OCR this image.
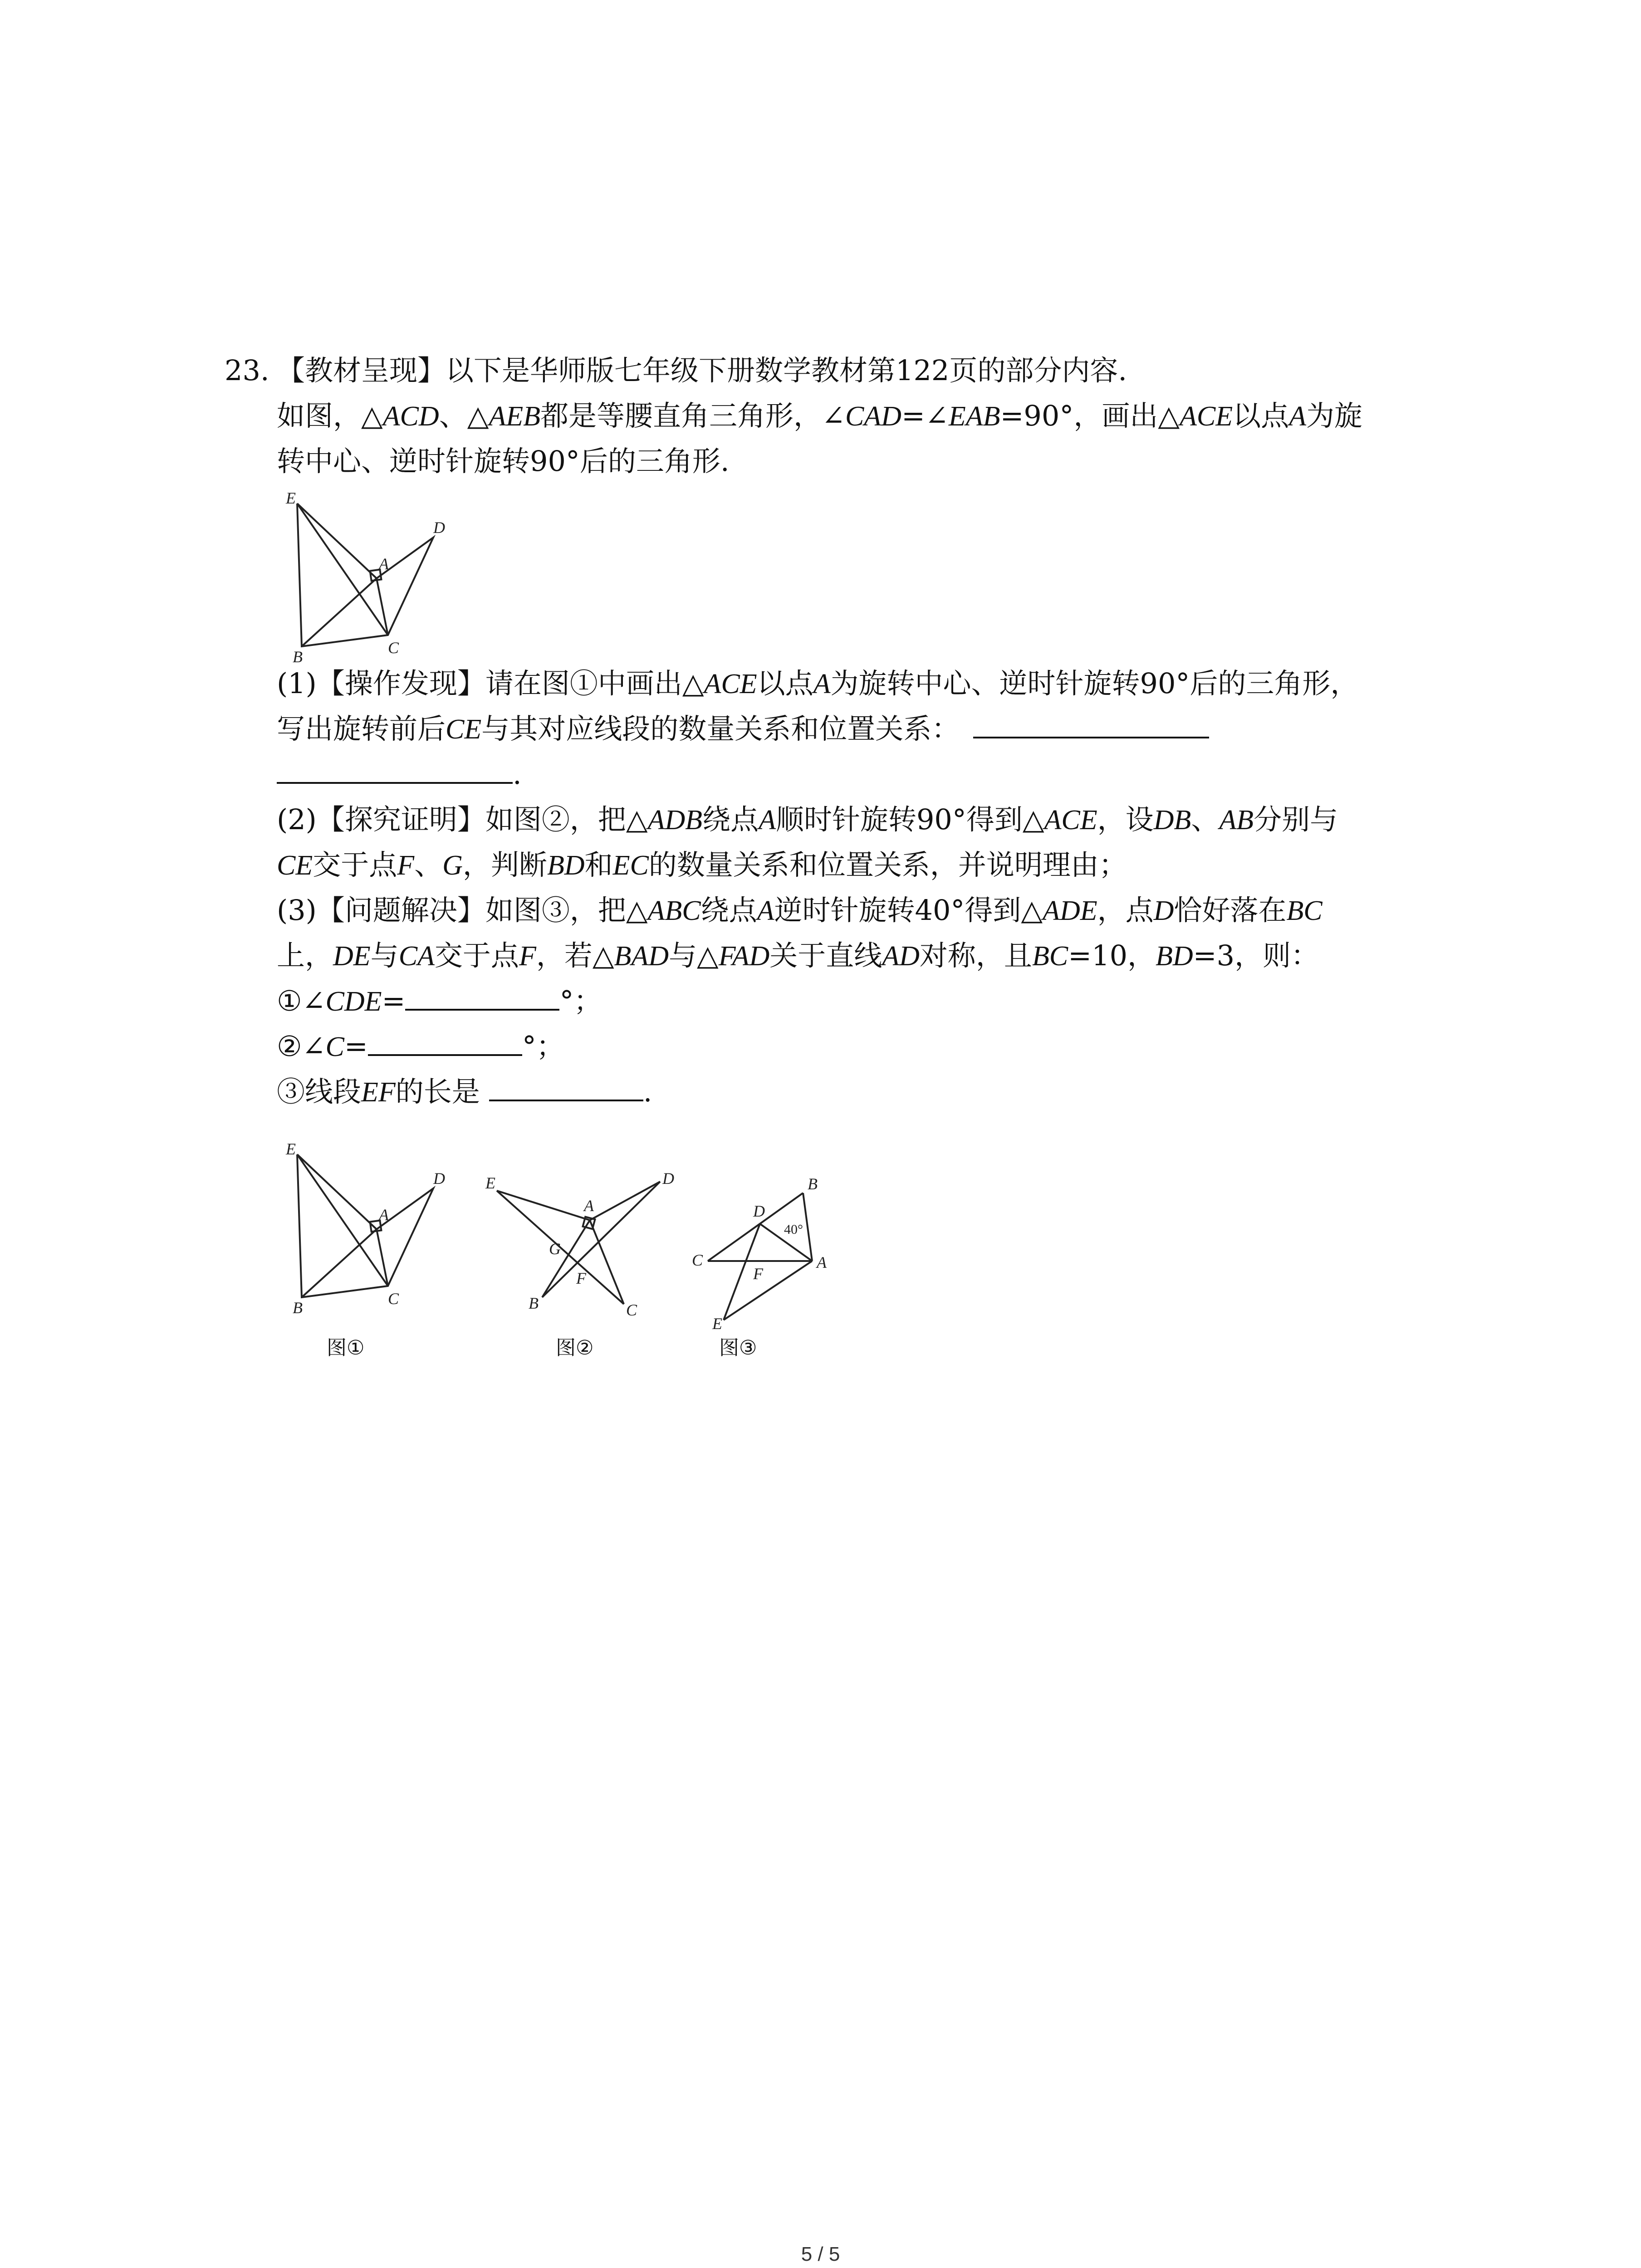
23. 【教材呈现】以下是华师版七年级下册数学教材第122页的部分内容.
如图，△ACD、△AEB都是等腰直角三角形，∠CAD=∠EAB=90°，画出△ACE以点A为旋
转中心、逆时针旋转90°后的三角形.
E
A
D
B	C
(1)【操作发现】请在图①中画出△ACE以点A为旋转中心、逆时针旋转90°后的三角形，
写出旋转前后CE与其对应线段的数量关系和位置关系：
.
(2)【探究证明】如图②，把△ADB绕点A顺时针旋转90°得到△ACE，设DB、AB分别与
CE交于点F、G，判断BD和EC的数量关系和位置关系，并说明理由；
(3)【问题解决】如图③，把△ABC绕点A逆时针旋转40°得到△ADE，点D恰好落在BC
上，DE与CA交于点F，若△BAD与△FAD关于直线AD对称，且BC=10，BD=3，则：
①∠CDE=	°；
②∠C=	°；
③线段EF的长是	.
E
A
D
B	C
图①
E
A
D
G
F
B	C
图②
D
B
C	A
F
E
40°
图③
5 / 5
